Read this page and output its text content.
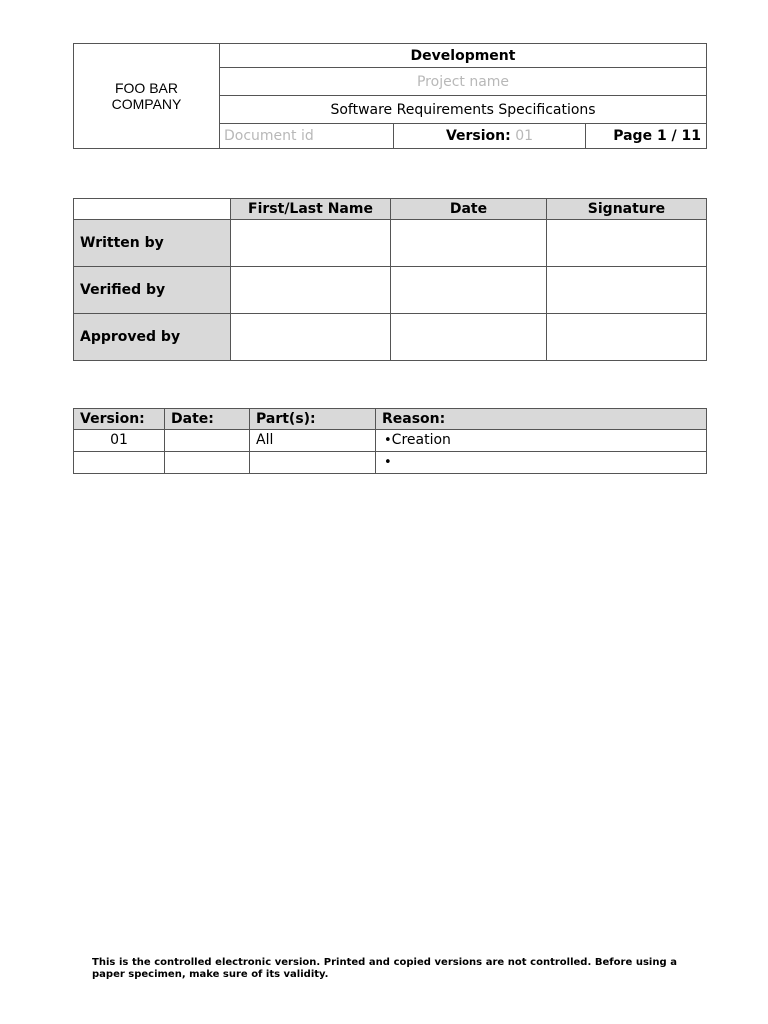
FOO BAR
COMPANY	Development		
	Project name		
	Software Requirements Specifications		
	Document id	Version: 01	Page 1 / 11
	First/Last Name	Date	Signature
Written by			
Verified by			
Approved by			
Version:	Date:	Part(s):	Reason:
01		All	•Creation
			•
This is the controlled electronic version. Printed and copied versions are not controlled. Before using a paper specimen, make sure of its validity.
